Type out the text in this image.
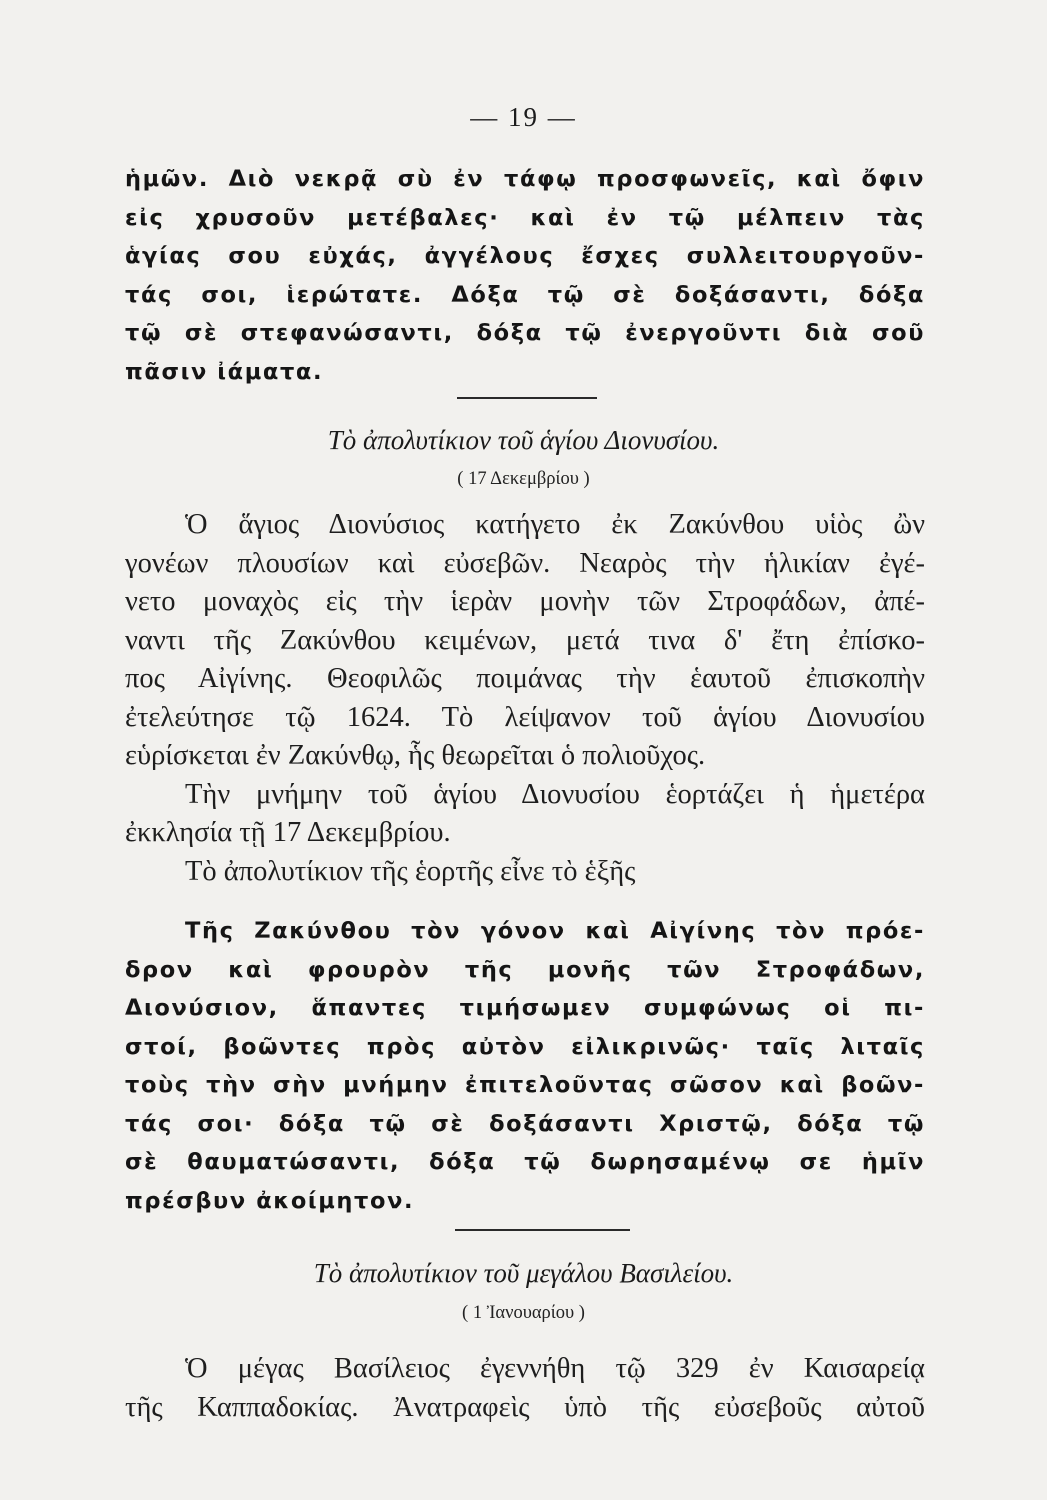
— 19 —
ἡμῶν. Διὸ νεκρᾷ σὺ ἐν τάφῳ προσφωνεῖς, καὶ ὄφιν
εἰς χρυσοῦν μετέβαλες· καὶ ἐν τῷ μέλπειν τὰς
ἁγίας σου εὐχάς, ἀγγέλους ἔσχες συλλειτουργοῦν-
τάς σοι, ἱερώτατε. Δόξα τῷ σὲ δοξάσαντι, δόξα
τῷ σὲ στεφανώσαντι, δόξα τῷ ἐνεργοῦντι διὰ σοῦ
πᾶσιν ἰάματα.
Τὸ ἀπολυτίκιον τοῦ ἁγίου Διονυσίου.
( 17 Δεκεμβρίου )
Ὁ ἅγιος Διονύσιος κατήγετο ἐκ Ζακύνθου υἱὸς ὢν
γονέων πλουσίων καὶ εὐσεβῶν. Νεαρὸς τὴν ἡλικίαν ἐγέ-
νετο μοναχὸς εἰς τὴν ἱερὰν μονὴν τῶν Στροφάδων, ἀπέ-
ναντι τῆς Ζακύνθου κειμένων, μετά τινα δ' ἔτη ἐπίσκο-
πος Αἰγίνης. Θεοφιλῶς ποιμάνας τὴν ἑαυτοῦ ἐπισκοπὴν
ἐτελεύτησε τῷ 1624. Τὸ λείψανον τοῦ ἁγίου Διονυσίου
εὑρίσκεται ἐν Ζακύνθῳ, ἧς θεωρεῖται ὁ πολιοῦχος.
Τὴν μνήμην τοῦ ἁγίου Διονυσίου ἑορτάζει ἡ ἡμετέρα
ἐκκλησία τῇ 17 Δεκεμβρίου.
Τὸ ἀπολυτίκιον τῆς ἑορτῆς εἶνε τὸ ἑξῆς
Τῆς Ζακύνθου τὸν γόνον καὶ Αἰγίνης τὸν πρόε-
δρον καὶ φρουρὸν τῆς μονῆς τῶν Στροφάδων,
Διονύσιον, ἅπαντες τιμήσωμεν συμφώνως οἱ πι-
στοί, βοῶντες πρὸς αὐτὸν εἰλικρινῶς· ταῖς λιταῖς
τοὺς τὴν σὴν μνήμην ἐπιτελοῦντας σῶσον καὶ βοῶν-
τάς σοι· δόξα τῷ σὲ δοξάσαντι Χριστῷ, δόξα τῷ
σὲ θαυματώσαντι, δόξα τῷ δωρησαμένῳ σε ἡμῖν
πρέσβυν ἀκοίμητον.
Τὸ ἀπολυτίκιον τοῦ μεγάλου Βασιλείου.
( 1 Ἰανουαρίου )
Ὁ μέγας Βασίλειος ἐγεννήθη τῷ 329 ἐν Καισαρείᾳ
τῆς Καππαδοκίας. Ἀνατραφεὶς ὑπὸ τῆς εὐσεβοῦς αὐτοῦ
